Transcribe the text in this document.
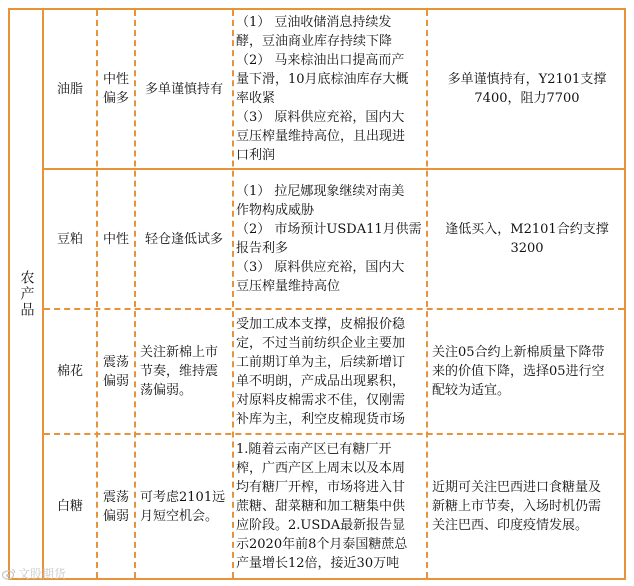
农产品
油脂
中性
偏多
多单谨慎持有
（1） 豆油收储消息持续发
酵，豆油商业库存持续下降
（2） 马来棕油出口提高而产
量下滑，10月底棕油库存大概
率收紧
（3） 原料供应充裕，国内大
豆压榨量维持高位，且出现进
口利润
多单谨慎持有，Y2101支撑
7400，阻力7700
豆粕 中性 轻仓逢低试多
（1） 拉尼娜现象继续对南美
作物构成威胁
（2） 市场预计USDA11月供需
报告利多
（3） 原料供应充裕，国内大
豆压榨量维持高位
逢低买入，M2101合约支撑
3200
棉花
震荡
偏弱
关注新棉上市
节奏，维持震
荡偏弱。
受加工成本支撑，皮棉报价稳
定，不过当前纺织企业主要加
工前期订单为主，后续新增订
单不明朗，产成品出现累积，
对原料皮棉需求不佳，仅刚需
补库为主，利空皮棉现货市场
关注05合约上新棉质量下降带
来的价值下降，选择05进行空
配较为适宜。
白糖
震荡
偏弱
可考虑2101远
月短空机会。
1.随着云南产区已有糖厂开
榨，广西产区上周末以及本周
均有糖厂开榨，市场将进入甘
蔗糖、甜菜糖和加工糖集中供
应阶段。2.USDA最新报告显
示2020年前8个月泰国糖蔗总
产量增长12倍，接近30万吨
近期可关注巴西进口食糖量及
新糖上市节奏，入场时机仍需
关注巴西、印度疫情发展。
文股期货
